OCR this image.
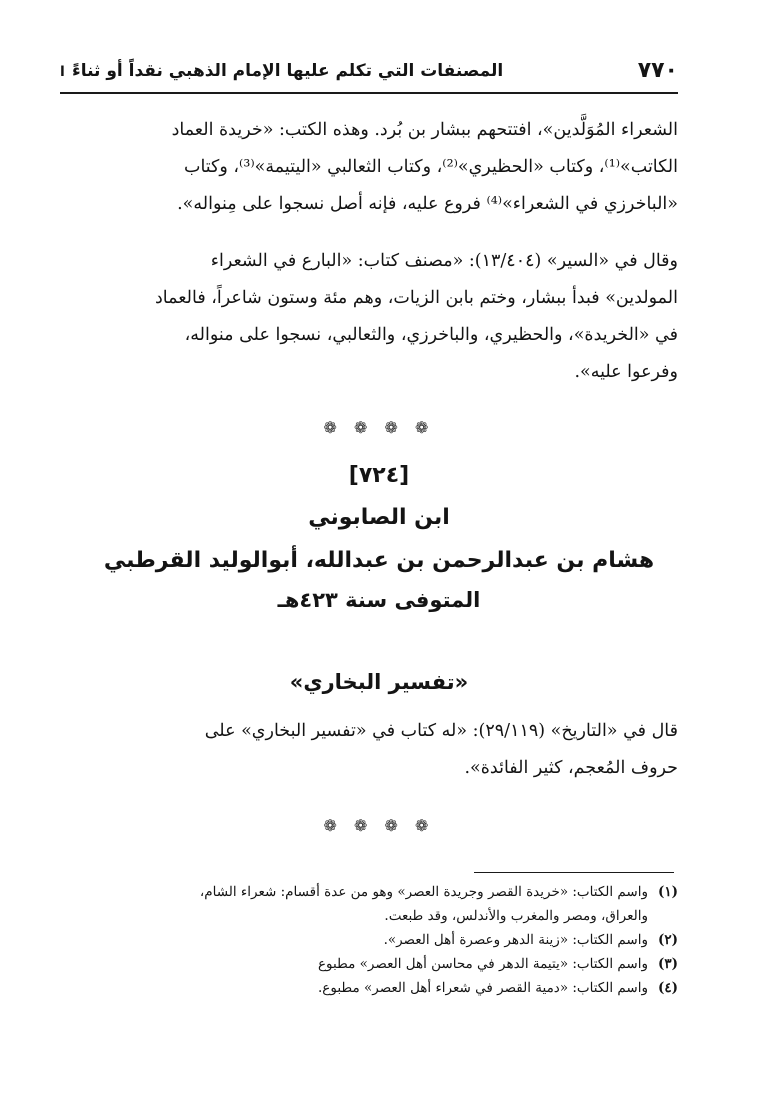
٧٧٠
المصنفات التي تكلم عليها الإمام الذهبي نقداً أو ثناءً
ا

الشعراء المُوَلَّدين»، افتتحهم ببشار بن بُرد. وهذه الكتب: «خريدة العماد
الكاتب»⁽¹⁾، وكتاب «الحظيري»⁽²⁾، وكتاب الثعالبي «اليتيمة»⁽³⁾، وكتاب
«الباخرزي في الشعراء»⁽⁴⁾ فروع عليه، فإنه أصل نسجوا على مِنواله».

وقال في «السير» (١٣/٤٠٤): «مصنف كتاب: «البارع في الشعراء
المولدين» فبدأ ببشار، وختم بابن الزيات، وهم مئة وستون شاعراً، فالعماد
في «الخريدة»، والحظيري، والباخرزي، والثعالبي، نسجوا على منواله،
وفرعوا عليه».

❁ ❁ ❁ ❁

[٧٢٤]

ابن الصابوني

هشام بن عبدالرحمن بن عبدالله، أبوالوليد القرطبي

المتوفى سنة ٤٢٣هـ

«تفسير البخاري»

قال في «التاريخ» (٢٩/١١٩): «له كتاب في «تفسير البخاري» على
حروف المُعجم، كثير الفائدة».

❁ ❁ ❁ ❁
(١)
واسم الكتاب: «خريدة القصر وجريدة العصر» وهو من عدة أقسام: شعراء الشام،
والعراق، ومصر والمغرب والأندلس، وقد طبعت.
(٢)
واسم الكتاب: «زينة الدهر وعصرة أهل العصر».
(٣)
واسم الكتاب: «يتيمة الدهر في محاسن أهل العصر» مطبوع
(٤)
واسم الكتاب: «دمية القصر في شعراء أهل العصر» مطبوع.
